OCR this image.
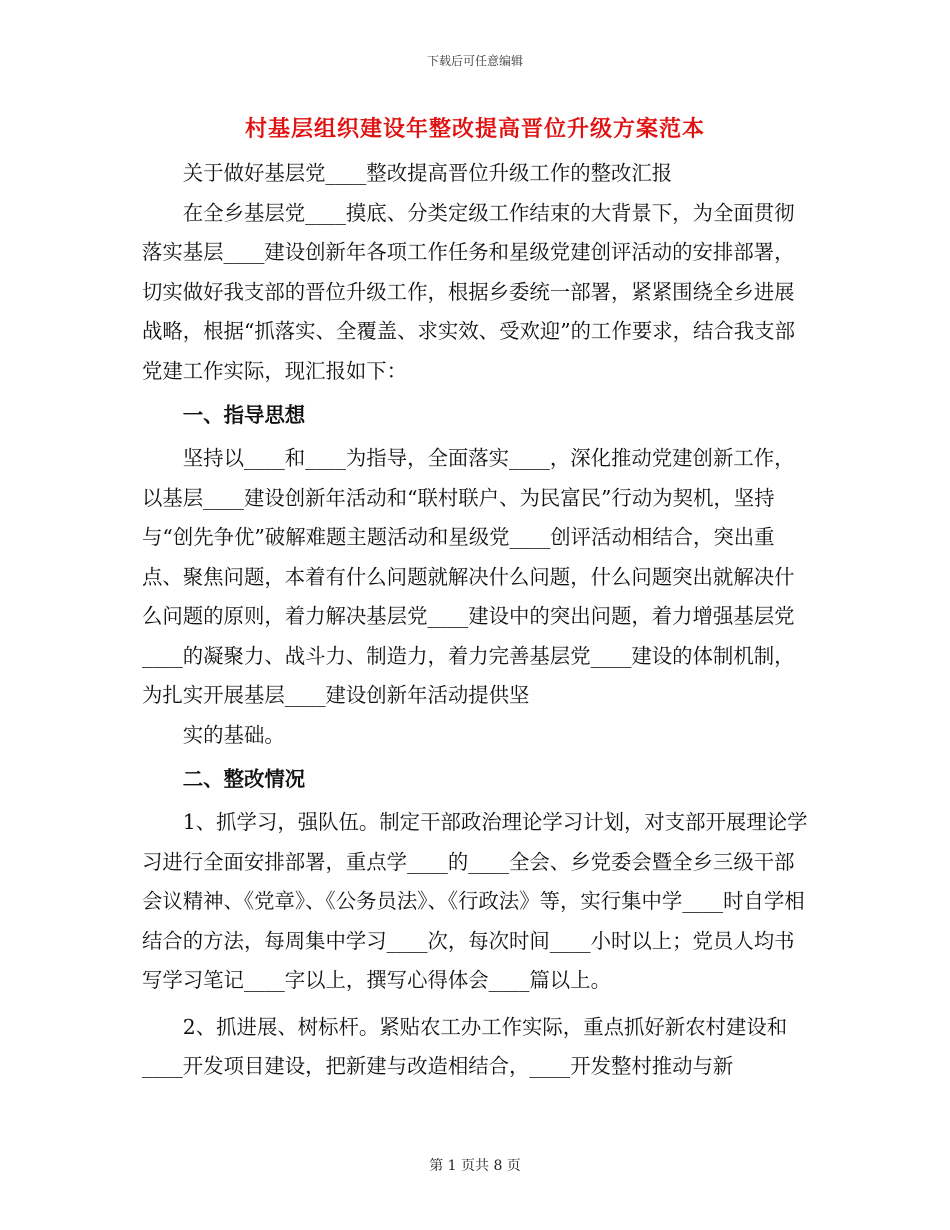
下载后可任意编辑
村基层组织建设年整改提高晋位升级方案范本

关于做好基层党____整改提高晋位升级工作的整改汇报

在全乡基层党____摸底、分类定级工作结束的大背景下，为全面贯彻落实基层____建设创新年各项工作任务和星级党建创评活动的安排部署，切实做好我支部的晋位升级工作，根据乡委统一部署，紧紧围绕全乡进展战略，根据“抓落实、全覆盖、求实效、受欢迎”的工作要求，结合我支部党建工作实际，现汇报如下：

一、指导思想

坚持以____和____为指导，全面落实____，深化推动党建创新工作，以基层____建设创新年活动和“联村联户、为民富民”行动为契机，坚持与“创先争优”破解难题主题活动和星级党____创评活动相结合，突出重点、聚焦问题，本着有什么问题就解决什么问题，什么问题突出就解决什么问题的原则，着力解决基层党____建设中的突出问题，着力增强基层党____的凝聚力、战斗力、制造力，着力完善基层党____建设的体制机制，为扎实开展基层____建设创新年活动提供坚

实的基础。

二、整改情况

1、抓学习，强队伍。制定干部政治理论学习计划，对支部开展理论学习进行全面安排部署，重点学____的____全会、乡党委会暨全乡三级干部会议精神、《党章》、《公务员法》、《行政法》等，实行集中学____时自学相结合的方法，每周集中学习____次，每次时间____小时以上；党员人均书写学习笔记____字以上，撰写心得体会____篇以上。

2、抓进展、树标杆。紧贴农工办工作实际，重点抓好新农村建设和____开发项目建设，把新建与改造相结合，____开发整村推动与新

第 1 页共 8 页
